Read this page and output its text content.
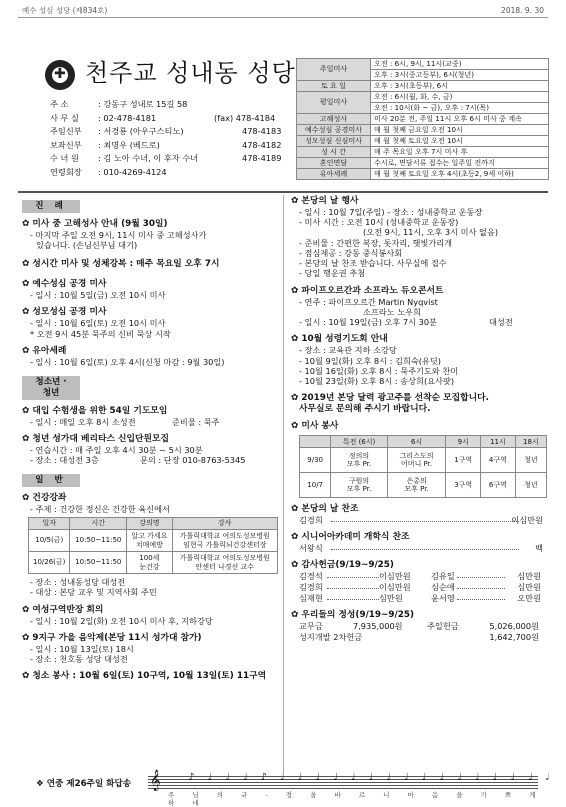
예수 성심 성당 (제834호)	2018. 9. 30
✚
천주교 성내동 성당
주 소	: 강동구 성내로 15길 58
사 무 실 : 02-478-4181	(fax) 478-4184
주임신부 : 서경룡 (아우구스티노)	478-4183
보좌신부 : 최명우 (베드로)	478-4182
수 녀 원 : 김 노아 수녀, 이 후자 수녀	478-4189
연령회장 : 010-4269-4124
주일미사	오전 : 6시, 9시, 11시(교중)
	오후 : 3시(중고등부), 6시(청년)
토 요 일	오후 : 3시(초등부), 6시
평일미사	오전 : 6시(월, 화, 수, 금)
	오전 : 10시(화 ~ 금), 오후 : 7시(목)
고해성사	미사 20분 전, 주일 11시 오후 6시 미사 중 계속
예수성심 공경미사	매 월 첫째 금요일 오전 10시
성모성심 신심미사	매 월 첫째 토요일 오전 10시
성 시 간	매 주 목요일 오후 7시 미사 후
혼인면담	수시로, 면담서류 접수는 일주일 전까지
유아세례	매 월 첫째 토요일 오후 4시(초등2, 9세 이하)
진 례
✿ 미사 중 고해성사 안내 (9월 30일)
- 마지막 주일 오전 9시, 11시 미사 중 고해성사가
있습니다. (손님신부님 대기)
✿ 성시간 미사 및 성체강복 : 매주 목요일 오후 7시
✿ 예수성심 공경 미사
- 일시 : 10월 5일(금) 오전 10시 미사
✿ 성모성심 공경 미사
- 일시 : 10월 6일(토) 오전 10시 미사
* 오전 9시 45분 묵주의 신비 묵상 시작
✿ 유아세례
- 일시 : 10월 6일(토) 오후 4시(신청 마감 : 9월 30일)
청소년 · 청년
✿ 대입 수험생을 위한 54일 기도모임
- 일시 : 매일 오후 8시 소성전	준비물 : 묵주
✿ 청년 성가대 베리타스 신입단원모집
- 연습시간 : 매 주일 오후 4시 30분 ~ 5시 30분
- 장소 : 대성전 3층	문의 : 단장 010-8763-5345
일 반
✿ 건강강좌
- 주제 : 건강한 정신은 건강한 육신에서
일자	시간	강의명	강사
10/5(금)	10:50~11:50	알고 가세요
치매예방	가톨릭대학교 여의도성모병원
임현국 가톨릭뇌건강센터장
10/26(금)	10:50~11:50	100세
눈건강	가톨릭대학교 여의도성모병원
안센터 나경선 교수
- 장소 : 성내동성당 대성전
- 대상 : 본당 교우 및 지역사회 주민
✿ 여성구역반장 회의
- 일시 : 10월 2일(화) 오전 10시 미사 후, 지하강당
✿ 9지구 가을 음악제(본당 11시 성가대 참가)
- 일시 : 10월 13일(토) 18시
- 장소 : 천호동 성당 대성전
✿ 청소 봉사 : 10월 6일(토) 10구역, 10월 13일(토) 11구역
✿ 본당의 날 행사
- 일시 : 10월 7일(주일) - 장소 : 성내중학교 운동장
- 미사 시간 : 오전 10시 (성내중학교 운동장)
(오전 9시, 11시, 오후 3시 미사 없음)
- 준비물 : 간편한 복장, 돗자리, 햇빛가리개
- 점심제공 : 강동 중식봉사회
- 본당의 날 찬조 받습니다. 사무실에 접수
- 당일 행운권 추첨
✿ 파이프오르간과 소프라노 듀오콘서트
- 연주 : 파이프오르간 Martin Nyqvist
소프라노 노우희
- 일시 : 10월 19일(금) 오후 7시 30분	대성전
✿ 10월 성령기도회 안내
- 장소 : 교육관 지하 소강당
- 10월 9일(화) 오후 8시 : 김희숙(유딧)
- 10월 16일(화) 오후 8시 : 묵주기도와 찬미
- 10월 23일(화) 오후 8시 : 송상희(요사팟)
✿ 2019년 본당 달력 광고주를 선착순 모집합니다.
사무실로 문의해 주시기 바랍니다.
✿ 미사 봉사
	특전 (6시)	6시	9시	11시	18시
9/30	정의의
모후 Pr.	그리스도의
어머니 Pr.	1구역	4구역	청년
10/7	구원의
모후 Pr.	은총의
모후 Pr.	3구역	6구역	청년
✿ 본당의 날 찬조
김경희	이심만원
✿ 시니어아카데미 개학식 찬조
서왕식	백
✿ 감사헌금(9/19~9/25)
김경석	이심만원 김유일	심만원
김경희	이심만원 심순애	심만원
심재현	심만원	윤서영	오만원
✿ 우리들의 정성(9/19~9/25)
교무금	7,935,000원	주일헌금	5,026,000원
성지개발 2차헌금	1,642,700원
❖ 연중 제26주일 화답송 𝄞	♪♩♩♩♪♩♩♩♩♩♩♩♩♩♩♩♩♩♩♩𝅗𝅥
주 님 의 규 - 정 올 바 르 니 마 음 을 기 쁘 게 하 네
